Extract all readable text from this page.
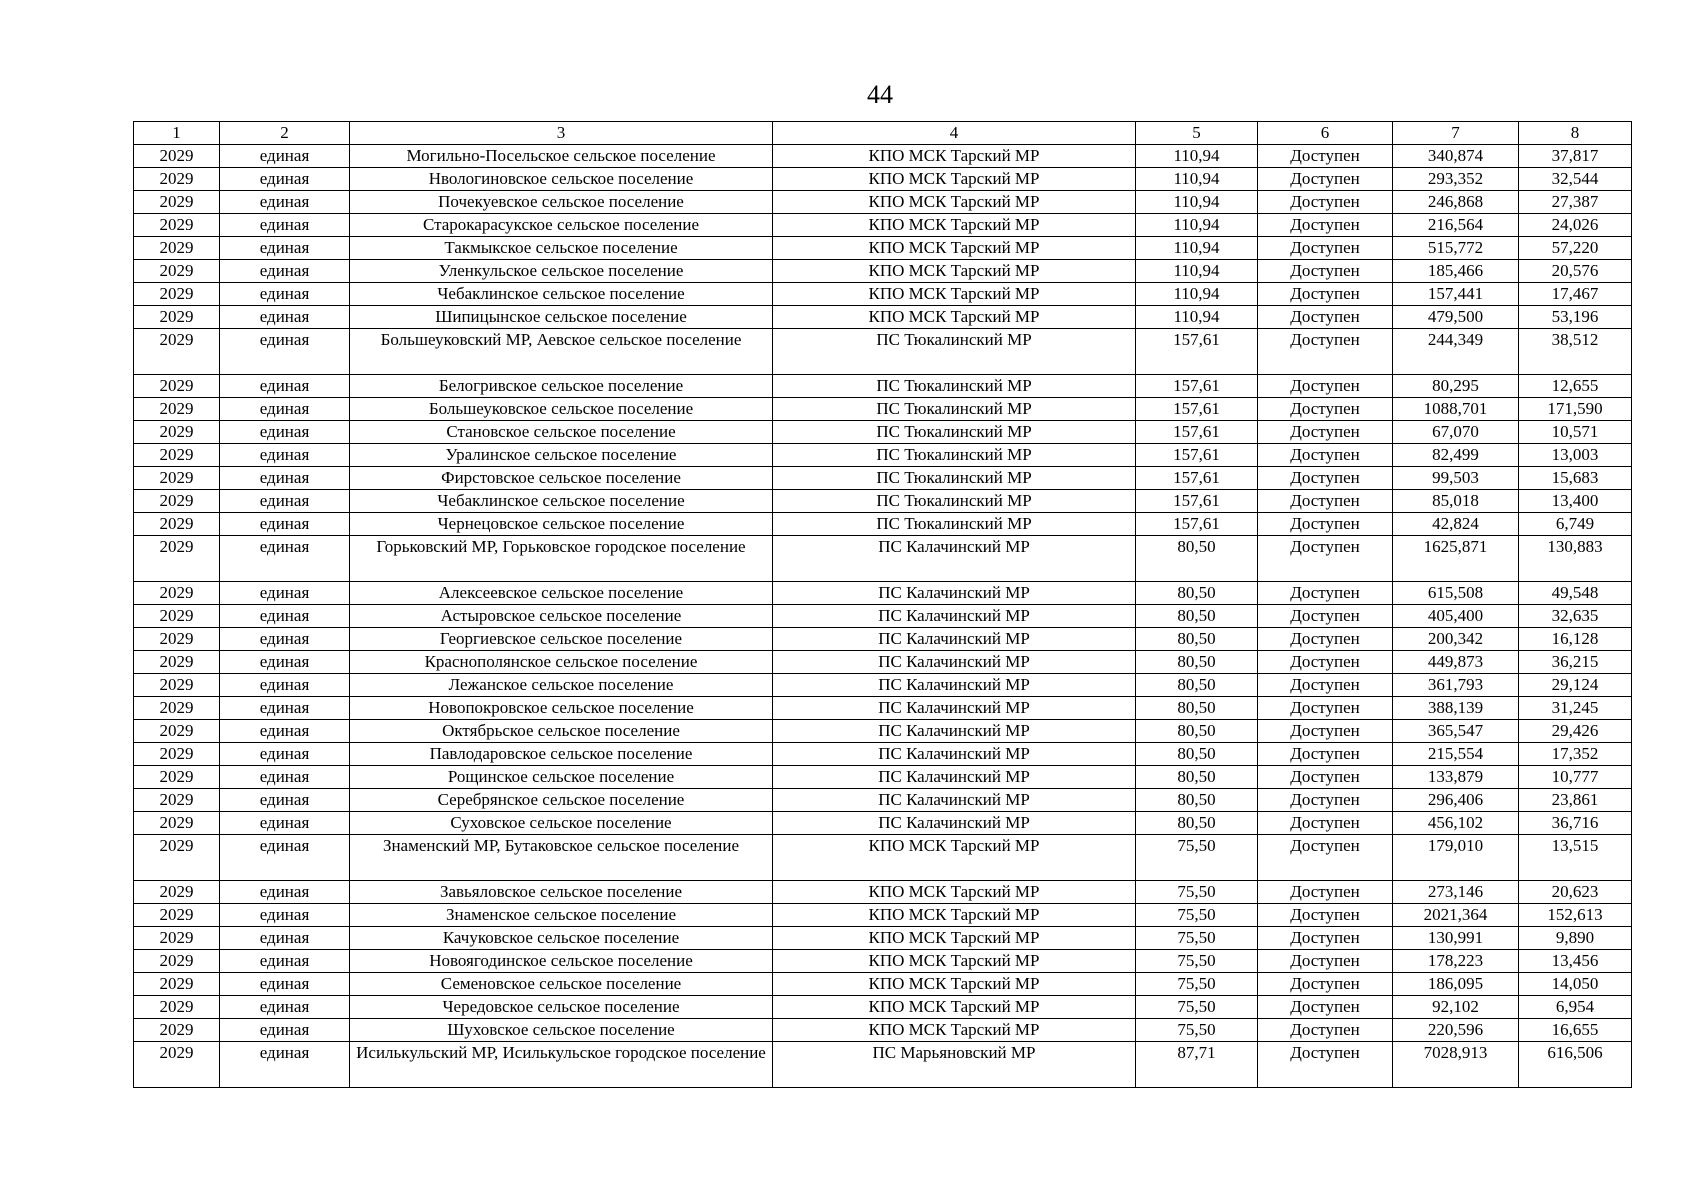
44
1	2	3	4	5	6	7	8
2029	единая	Могильно-Посельское сельское поселение	КПО МСК Тарский МР	110,94	Доступен	340,874	37,817
2029	единая	Нвологиновское сельское поселение	КПО МСК Тарский МР	110,94	Доступен	293,352	32,544
2029	единая	Почекуевское сельское поселение	КПО МСК Тарский МР	110,94	Доступен	246,868	27,387
2029	единая	Старокарасукское сельское поселение	КПО МСК Тарский МР	110,94	Доступен	216,564	24,026
2029	единая	Такмыкское сельское поселение	КПО МСК Тарский МР	110,94	Доступен	515,772	57,220
2029	единая	Уленкульское сельское поселение	КПО МСК Тарский МР	110,94	Доступен	185,466	20,576
2029	единая	Чебаклинское сельское поселение	КПО МСК Тарский МР	110,94	Доступен	157,441	17,467
2029	единая	Шипицынское сельское поселение	КПО МСК Тарский МР	110,94	Доступен	479,500	53,196
2029	единая	Большеуковский МР, Аевское сельское поселение	ПС Тюкалинский МР	157,61	Доступен	244,349	38,512
2029	единая	Белогривское сельское поселение	ПС Тюкалинский МР	157,61	Доступен	80,295	12,655
2029	единая	Большеуковское сельское поселение	ПС Тюкалинский МР	157,61	Доступен	1088,701	171,590
2029	единая	Становское сельское поселение	ПС Тюкалинский МР	157,61	Доступен	67,070	10,571
2029	единая	Уралинское сельское поселение	ПС Тюкалинский МР	157,61	Доступен	82,499	13,003
2029	единая	Фирстовское сельское поселение	ПС Тюкалинский МР	157,61	Доступен	99,503	15,683
2029	единая	Чебаклинское сельское поселение	ПС Тюкалинский МР	157,61	Доступен	85,018	13,400
2029	единая	Чернецовское сельское поселение	ПС Тюкалинский МР	157,61	Доступен	42,824	6,749
2029	единая	Горьковский МР, Горьковское городское поселение	ПС Калачинский МР	80,50	Доступен	1625,871	130,883
2029	единая	Алексеевское сельское поселение	ПС Калачинский МР	80,50	Доступен	615,508	49,548
2029	единая	Астыровское сельское поселение	ПС Калачинский МР	80,50	Доступен	405,400	32,635
2029	единая	Георгиевское сельское поселение	ПС Калачинский МР	80,50	Доступен	200,342	16,128
2029	единая	Краснополянское сельское поселение	ПС Калачинский МР	80,50	Доступен	449,873	36,215
2029	единая	Лежанское сельское поселение	ПС Калачинский МР	80,50	Доступен	361,793	29,124
2029	единая	Новопокровское сельское поселение	ПС Калачинский МР	80,50	Доступен	388,139	31,245
2029	единая	Октябрьское сельское поселение	ПС Калачинский МР	80,50	Доступен	365,547	29,426
2029	единая	Павлодаровское сельское поселение	ПС Калачинский МР	80,50	Доступен	215,554	17,352
2029	единая	Рощинское сельское поселение	ПС Калачинский МР	80,50	Доступен	133,879	10,777
2029	единая	Серебрянское сельское поселение	ПС Калачинский МР	80,50	Доступен	296,406	23,861
2029	единая	Суховское сельское поселение	ПС Калачинский МР	80,50	Доступен	456,102	36,716
2029	единая	Знаменский МР, Бутаковское сельское поселение	КПО МСК Тарский МР	75,50	Доступен	179,010	13,515
2029	единая	Завьяловское сельское поселение	КПО МСК Тарский МР	75,50	Доступен	273,146	20,623
2029	единая	Знаменское сельское поселение	КПО МСК Тарский МР	75,50	Доступен	2021,364	152,613
2029	единая	Качуковское сельское поселение	КПО МСК Тарский МР	75,50	Доступен	130,991	9,890
2029	единая	Новоягодинское сельское поселение	КПО МСК Тарский МР	75,50	Доступен	178,223	13,456
2029	единая	Семеновское сельское поселение	КПО МСК Тарский МР	75,50	Доступен	186,095	14,050
2029	единая	Чередовское сельское поселение	КПО МСК Тарский МР	75,50	Доступен	92,102	6,954
2029	единая	Шуховское сельское поселение	КПО МСК Тарский МР	75,50	Доступен	220,596	16,655
2029	единая	Исилькульский МР, Исилькульское городское поселение	ПС Марьяновский МР	87,71	Доступен	7028,913	616,506
